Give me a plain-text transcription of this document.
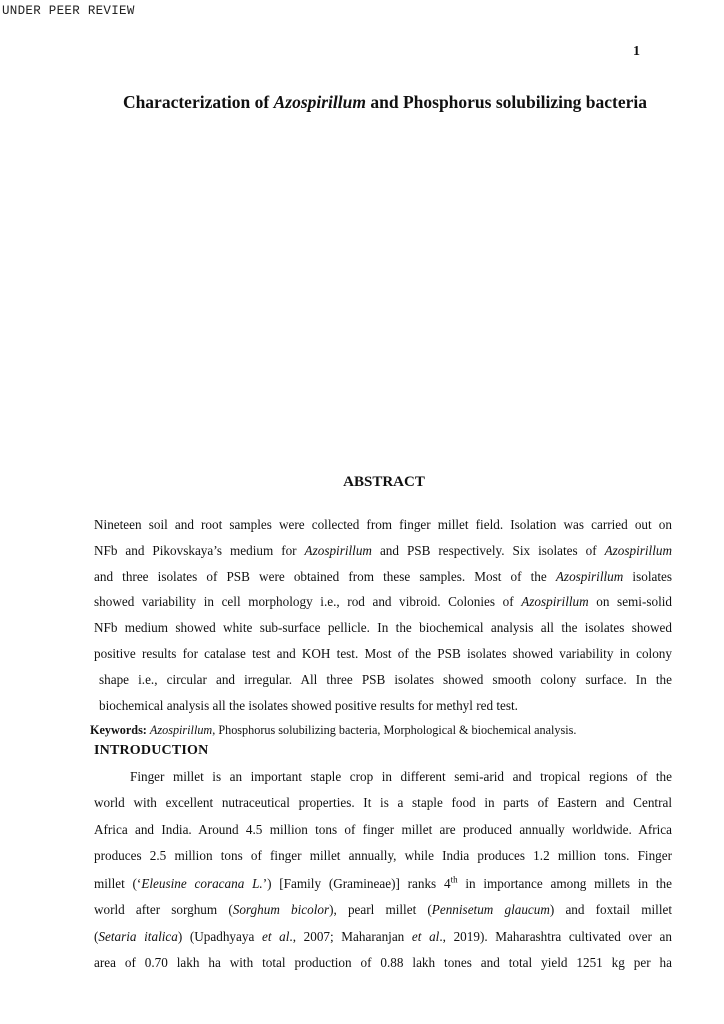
UNDER PEER REVIEW
1
Characterization of Azospirillum and Phosphorus solubilizing bacteria
ABSTRACT
Nineteen soil and root samples were collected from finger millet field. Isolation was carried out on
NFb and Pikovskaya’s medium for Azospirillum and PSB respectively. Six isolates of Azospirillum
and three isolates of PSB were obtained from these samples. Most of the Azospirillum isolates
showed variability in cell morphology i.e., rod and vibroid. Colonies of Azospirillum on semi-solid
NFb medium showed white sub-surface pellicle. In the biochemical analysis all the isolates showed
positive results for catalase test and KOH test. Most of the PSB isolates showed variability in colony
shape i.e., circular and irregular. All three PSB isolates showed smooth colony surface. In the
biochemical analysis all the isolates showed positive results for methyl red test.
Keywords: Azospirillum, Phosphorus solubilizing bacteria, Morphological & biochemical analysis.
INTRODUCTION
Finger millet is an important staple crop in different semi-arid and tropical regions of the
world with excellent nutraceutical properties. It is a staple food in parts of Eastern and Central
Africa and India. Around 4.5 million tons of finger millet are produced annually worldwide. Africa
produces 2.5 million tons of finger millet annually, while India produces 1.2 million tons. Finger
millet (‘Eleusine coracana L.’) [Family (Gramineae)] ranks 4th in importance among millets in the
world after sorghum (Sorghum bicolor), pearl millet (Pennisetum glaucum) and foxtail millet
(Setaria italica) (Upadhyaya et al., 2007; Maharanjan et al., 2019). Maharashtra cultivated over an
area of 0.70 lakh ha with total production of 0.88 lakh tones and total yield 1251 kg per ha
